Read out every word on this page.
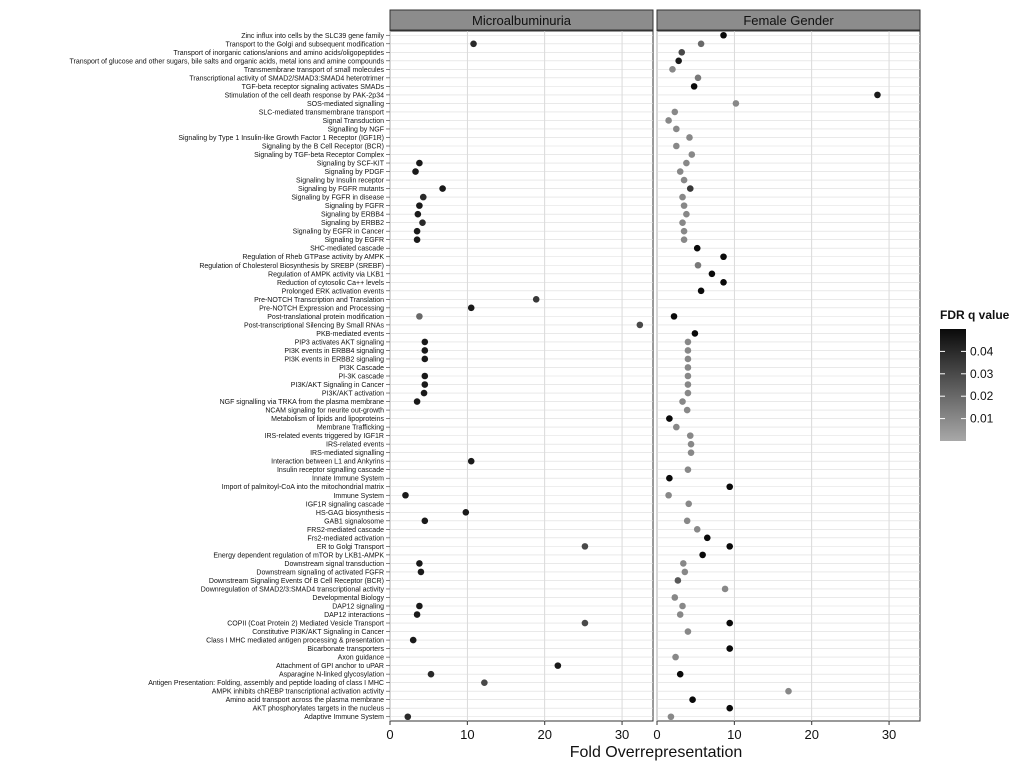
Microalbuminuria	Female Gender
Zinc influx into cells by the SLC39 gene family
Transport to the Golgi and subsequent modification
Transport of inorganic cations/anions and amino acids/oligopeptides
Transport of glucose and other sugars, bile salts and organic acids, metal ions and amine compounds
Transmembrane transport of small molecules
Transcriptional activity of SMAD2/SMAD3:SMAD4 heterotrimer
TGF-beta receptor signaling activates SMADs
Stimulation of the cell death response by PAK-2p34
SOS-mediated signalling
SLC-mediated transmembrane transport
Signal Transduction
Signalling by NGF
Signaling by Type 1 Insulin-like Growth Factor 1 Receptor (IGF1R)
Signaling by the B Cell Receptor (BCR)
Signaling by TGF-beta Receptor Complex
Signaling by SCF-KIT
Signaling by PDGF
Signaling by Insulin receptor
Signaling by FGFR mutants
Signaling by FGFR in disease
Signaling by FGFR
Signaling by ERBB4
Signaling by ERBB2
Signaling by EGFR in Cancer
Signaling by EGFR
SHC-mediated cascade
Regulation of Rheb GTPase activity by AMPK
Regulation of Cholesterol Biosynthesis by SREBP (SREBF)
Regulation of AMPK activity via LKB1
Reduction of cytosolic Ca++ levels
Prolonged ERK activation events
Pre-NOTCH Transcription and Translation
Pre-NOTCH Expression and Processing
Post-translational protein modification
Post-transcriptional Silencing By Small RNAs
PKB-mediated events
PIP3 activates AKT signaling
PI3K events in ERBB4 signaling
PI3K events in ERBB2 signaling
PI3K Cascade
PI-3K cascade
PI3K/AKT Signaling in Cancer
PI3K/AKT activation
NGF signalling via TRKA from the plasma membrane
NCAM signaling for neurite out-growth
Metabolism of lipids and lipoproteins
Membrane Trafficking
IRS-related events triggered by IGF1R
IRS-related events
IRS-mediated signalling
Interaction between L1 and Ankyrins
Insulin receptor signalling cascade
Innate Immune System
Import of palmitoyl-CoA into the mitochondrial matrix
Immune System
IGF1R signaling cascade
HS-GAG biosynthesis
GAB1 signalosome
FRS2-mediated cascade
Frs2-mediated activation
ER to Golgi Transport
Energy dependent regulation of mTOR by LKB1-AMPK
Downstream signal transduction
Downstream signaling of activated FGFR
Downstream Signaling Events Of B Cell Receptor (BCR)
Downregulation of SMAD2/3:SMAD4 transcriptional activity
Developmental Biology
DAP12 signaling
DAP12 interactions
COPII (Coat Protein 2) Mediated Vesicle Transport
Constitutive PI3K/AKT Signaling in Cancer
Class I MHC mediated antigen processing & presentation
Bicarbonate transporters
Axon guidance
Attachment of GPI anchor to uPAR
Asparagine N-linked glycosylation
Antigen Presentation: Folding, assembly and peptide loading of class I MHC
AMPK inhibits chREBP transcriptional activation activity
Amino acid transport across the plasma membrane
AKT phosphorylates targets in the nucleus
Adaptive Immune System
0	10	20	30 0	10	20	30
Fold Overrepresentation
FDR q value
0.04
0.03
0.02
0.01
